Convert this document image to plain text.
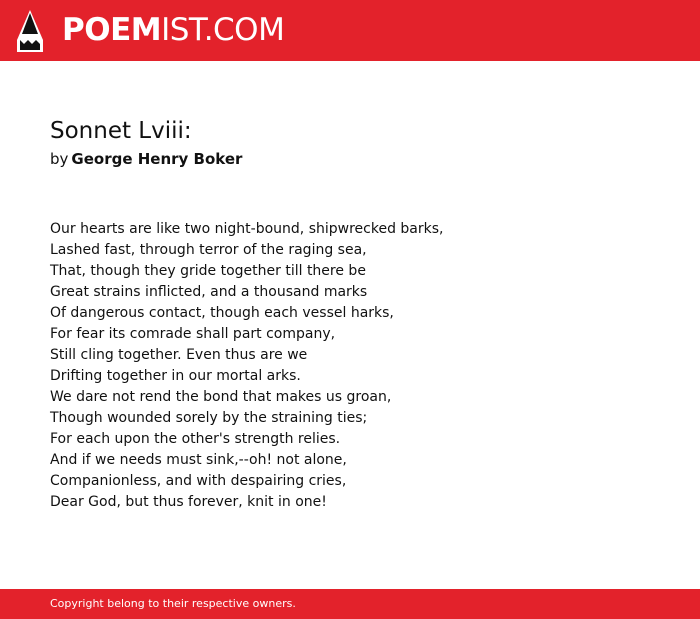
POEMIST.COM
Sonnet Lviii:
by George Henry Boker
Our hearts are like two night-bound, shipwrecked barks,
Lashed fast, through terror of the raging sea,
That, though they gride together till there be
Great strains inflicted, and a thousand marks
Of dangerous contact, though each vessel harks,
For fear its comrade shall part company,
Still cling together. Even thus are we
Drifting together in our mortal arks.
We dare not rend the bond that makes us groan,
Though wounded sorely by the straining ties;
For each upon the other's strength relies.
And if we needs must sink,--oh! not alone,
Companionless, and with despairing cries,
Dear God, but thus forever, knit in one!
Copyright belong to their respective owners.
